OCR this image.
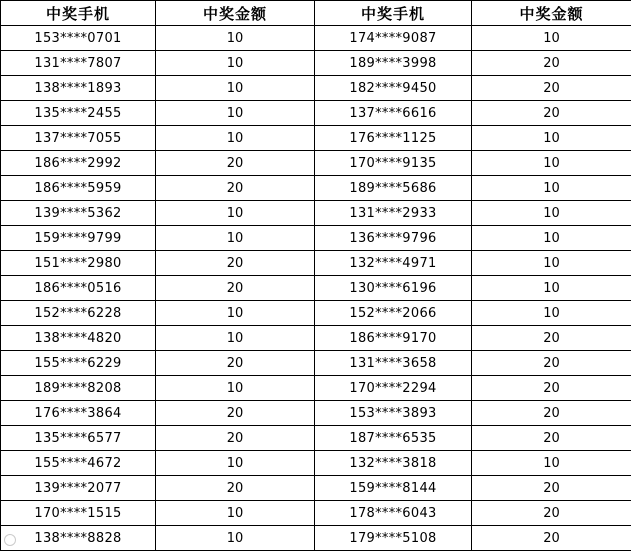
中奖手机	中奖金额	中奖手机	中奖金额
153****0701	10	174****9087	10
131****7807	10	189****3998	20
138****1893	10	182****9450	20
135****2455	10	137****6616	20
137****7055	10	176****1125	10
186****2992	20	170****9135	10
186****5959	20	189****5686	10
139****5362	10	131****2933	10
159****9799	10	136****9796	10
151****2980	20	132****4971	10
186****0516	20	130****6196	10
152****6228	10	152****2066	10
138****4820	10	186****9170	20
155****6229	20	131****3658	20
189****8208	10	170****2294	20
176****3864	20	153****3893	20
135****6577	20	187****6535	20
155****4672	10	132****3818	10
139****2077	20	159****8144	20
170****1515	10	178****6043	20
138****8828	10	179****5108	20
